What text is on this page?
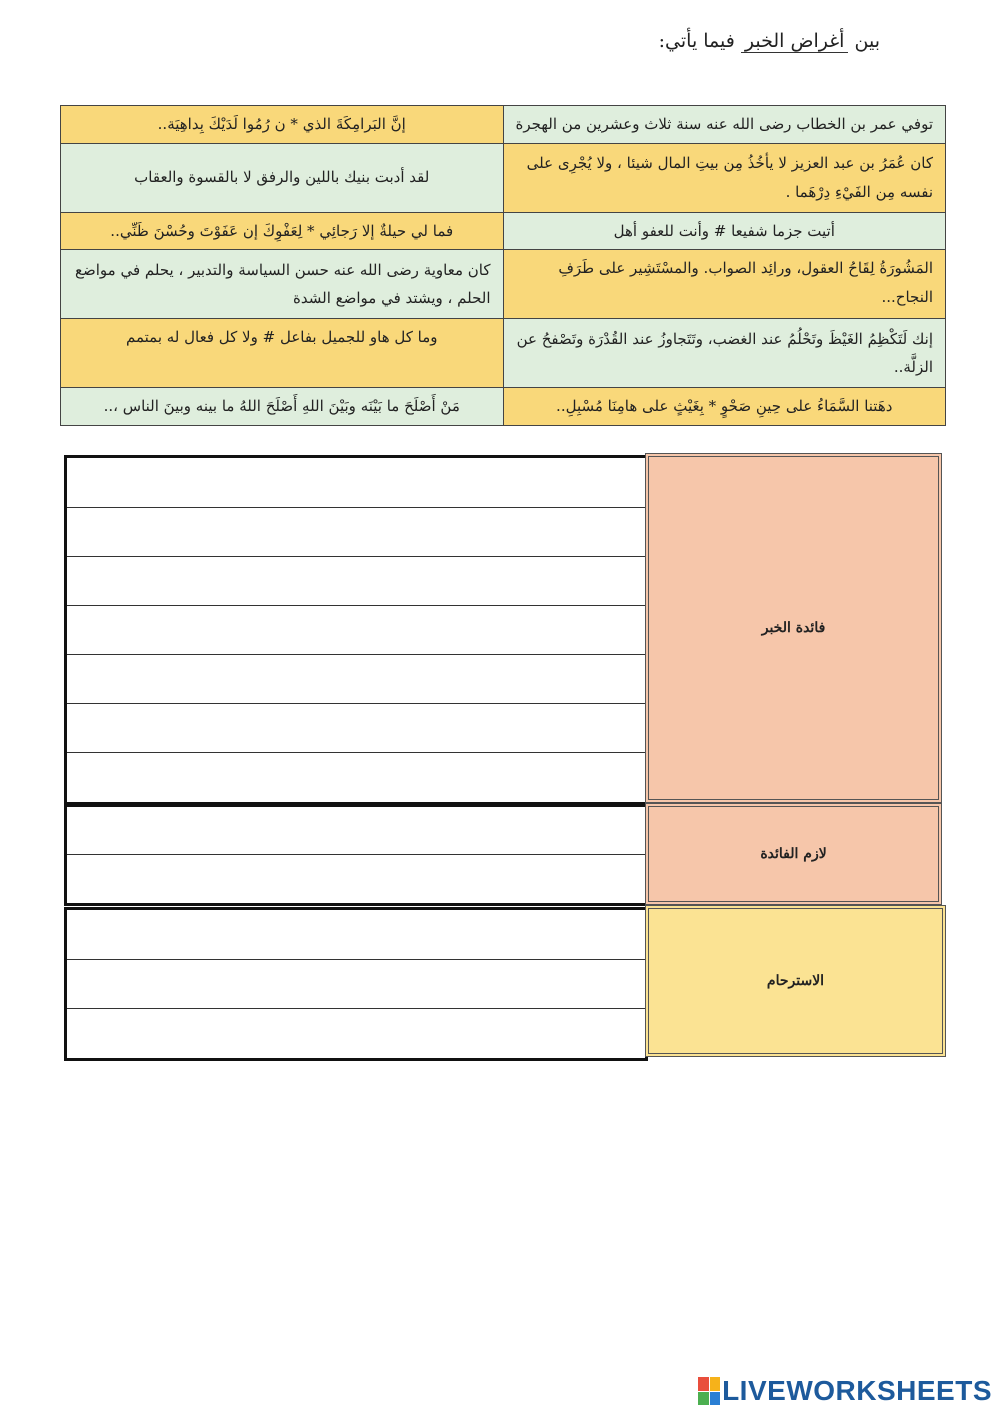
بين أغراض الخبر فيما يأتي:
توفي عمر بن الخطاب رضى الله عنه سنة ثلاث وعشرين من الهجرة	إنَّ البَرامِكَةَ الذي * ن رُمُوا لَدَيْكَ بِداهِيَة..
كان عُمَرُ بن عبد العزيز لا يأخُذُ مِن بيتِ المال شيئا ، ولا يُجْرِى على نفسه مِن الفَيْءِ دِرْهَما .	لقد أدبت بنيك باللين والرفق لا بالقسوة والعقاب
أتيت جزما شفيعا # وأنت للعفو أهل	فما لي حيلةٌ إلا رَجائِي * لِعَفْوِكَ إن عَفَوْتَ وحُسْنَ ظَنِّي..
المَشُورَةُ لِقَاحُ العقول، ورائِد الصواب. والمسْتَشِير على طَرَفِ النجاح...	كان معاوية رضى الله عنه حسن السياسة والتدبير ، يحلم في مواضع الحلم ، ويشتد في مواضع الشدة
إنك لَتَكْظِمُ الغَيْظَ وتَحْلُمُ عند الغضب، وتَتَجاوزُ عند القُدْرَة وتَصْفحُ عن الزلَّة..	وما كل هاو للجميل بفاعل # ولا كل فعال له بمتمم
دهَتنا السَّمَاءُ على حِينِ صَحْوٍ * بِغَيْثٍ على هامِنَا مُسْبِلِ..	مَنْ أَصْلَحَ ما بَيْنَه وبَيْنَ اللهِ أَصْلَحَ اللهُ ما بينه وبينَ الناس ،..
فائدة الخبر
لازم الفائدة
الاسترحام
LIVEWORKSHEETS
